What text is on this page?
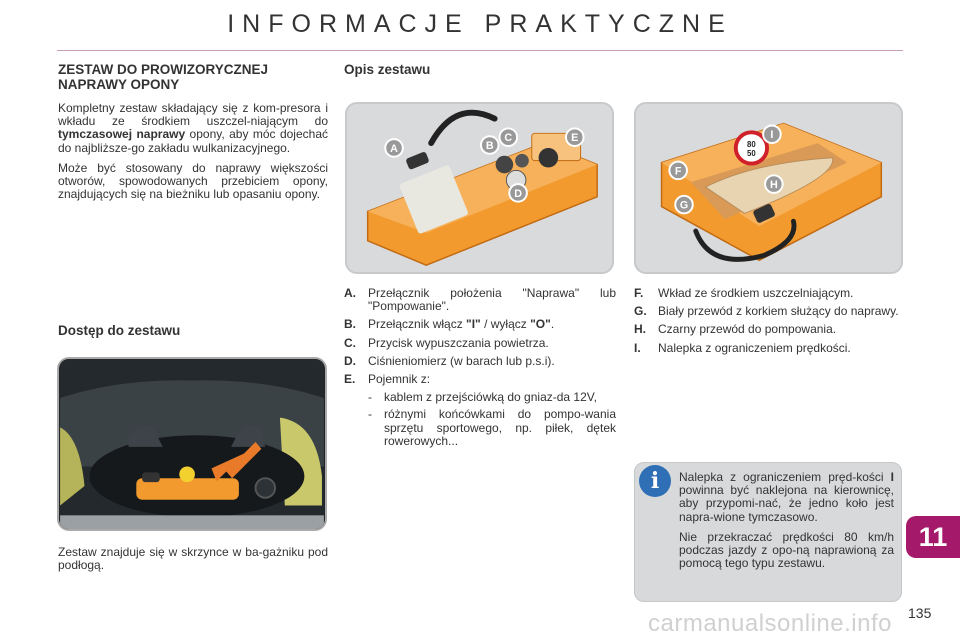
INFORMACJE PRAKTYCZNE
ZESTAW DO PROWIZORYCZNEJ NAPRAWY OPONY

Kompletny zestaw składający się z kom-presora i wkładu ze środkiem uszczel-niającym do tymczasowej naprawy opony, aby móc dojechać do najbliższe-go zakładu wulkanizacyjnego.

Może być stosowany do naprawy większości otworów, spowodowanych przebiciem opony, znajdujących się na bieżniku lub opasaniu opony.

Dostęp do zestawu
Zestaw znajduje się w skrzynce w ba-gażniku pod podłogą.
Opis zestawu
A	B
C
D
E
80
50
F
G
H
I
A.	Przełącznik położenia "Naprawa" lub "Pompowanie".
B.	Przełącznik włącz "I" / wyłącz "O".
C.	Przycisk wypuszczania powietrza.
D.	Ciśnieniomierz (w barach lub p.s.i).
E.	Pojemnik z:
-	kablem z przejściówką do gniaz-da 12V,
-	różnymi końcówkami do pompo-wania sprzętu sportowego, np. piłek, dętek rowerowych...
F.	Wkład ze środkiem uszczelniającym.
G. Biały przewód z korkiem służący do naprawy.
H.	Czarny przewód do pompowania.
I.	Nalepka z ograniczeniem prędkości.
i	Nalepka z ograniczeniem pręd-kości I powinna być naklejona na kierownicę, aby przypomi-nać, że jedno koło jest napra-wione tymczasowo.

Nie przekraczać prędkości 80 km/h podczas jazdy z opo-ną naprawioną za pomocą tego typu zestawu.

11
carmanualsonline.info 135
